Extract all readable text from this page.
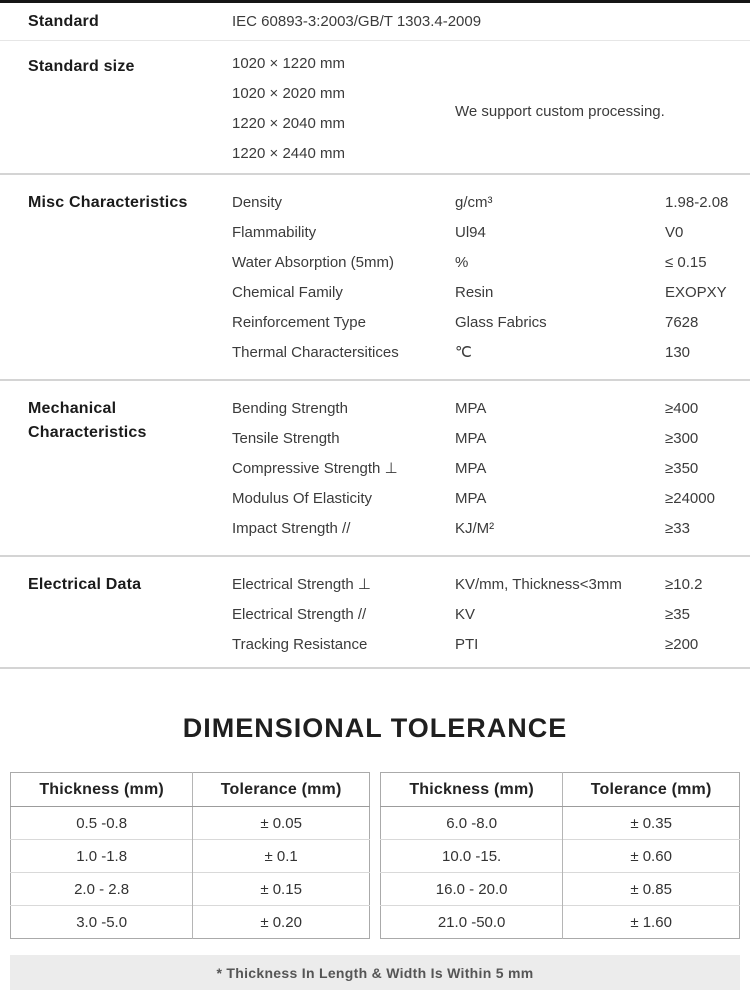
Standard	IEC 60893-3:2003/GB/T 1303.4-2009
Standard size	1020 × 1220 mm
1020 × 2020 mm
1220 × 2040 mm
1220 × 2440 mm
We support custom processing.
Misc Characteristics	Density	g/cm³	1.98-2.08
Flammability	Ul94	V0
Water Absorption (5mm)	%	≤ 0.15
Chemical Family	Resin	EXOPXY
Reinforcement Type	Glass Fabrics	7628
Thermal Charactersitices	℃	130
Mechanical Characteristics
Bending Strength	MPA	≥400
Tensile Strength	MPA	≥300
Compressive Strength ⊥	MPA	≥350
Modulus Of Elasticity	MPA	≥24000
Impact Strength //	KJ/M²	≥33
Electrical Data	Electrical Strength ⊥	KV/mm, Thickness<3mm	≥10.2
Electrical Strength //	KV	≥35
Tracking Resistance	PTI	≥200
DIMENSIONAL TOLERANCE
Thickness (mm)	Tolerance (mm)
0.5 -0.8	± 0.05
1.0 -1.8	± 0.1
2.0 - 2.8	± 0.15
3.0 -5.0	± 0.20
Thickness (mm)	Tolerance (mm)
6.0 -8.0	± 0.35
10.0 -15.	± 0.60
16.0 - 20.0	± 0.85
21.0 -50.0	± 1.60
* Thickness In Length & Width Is Within 5 mm
